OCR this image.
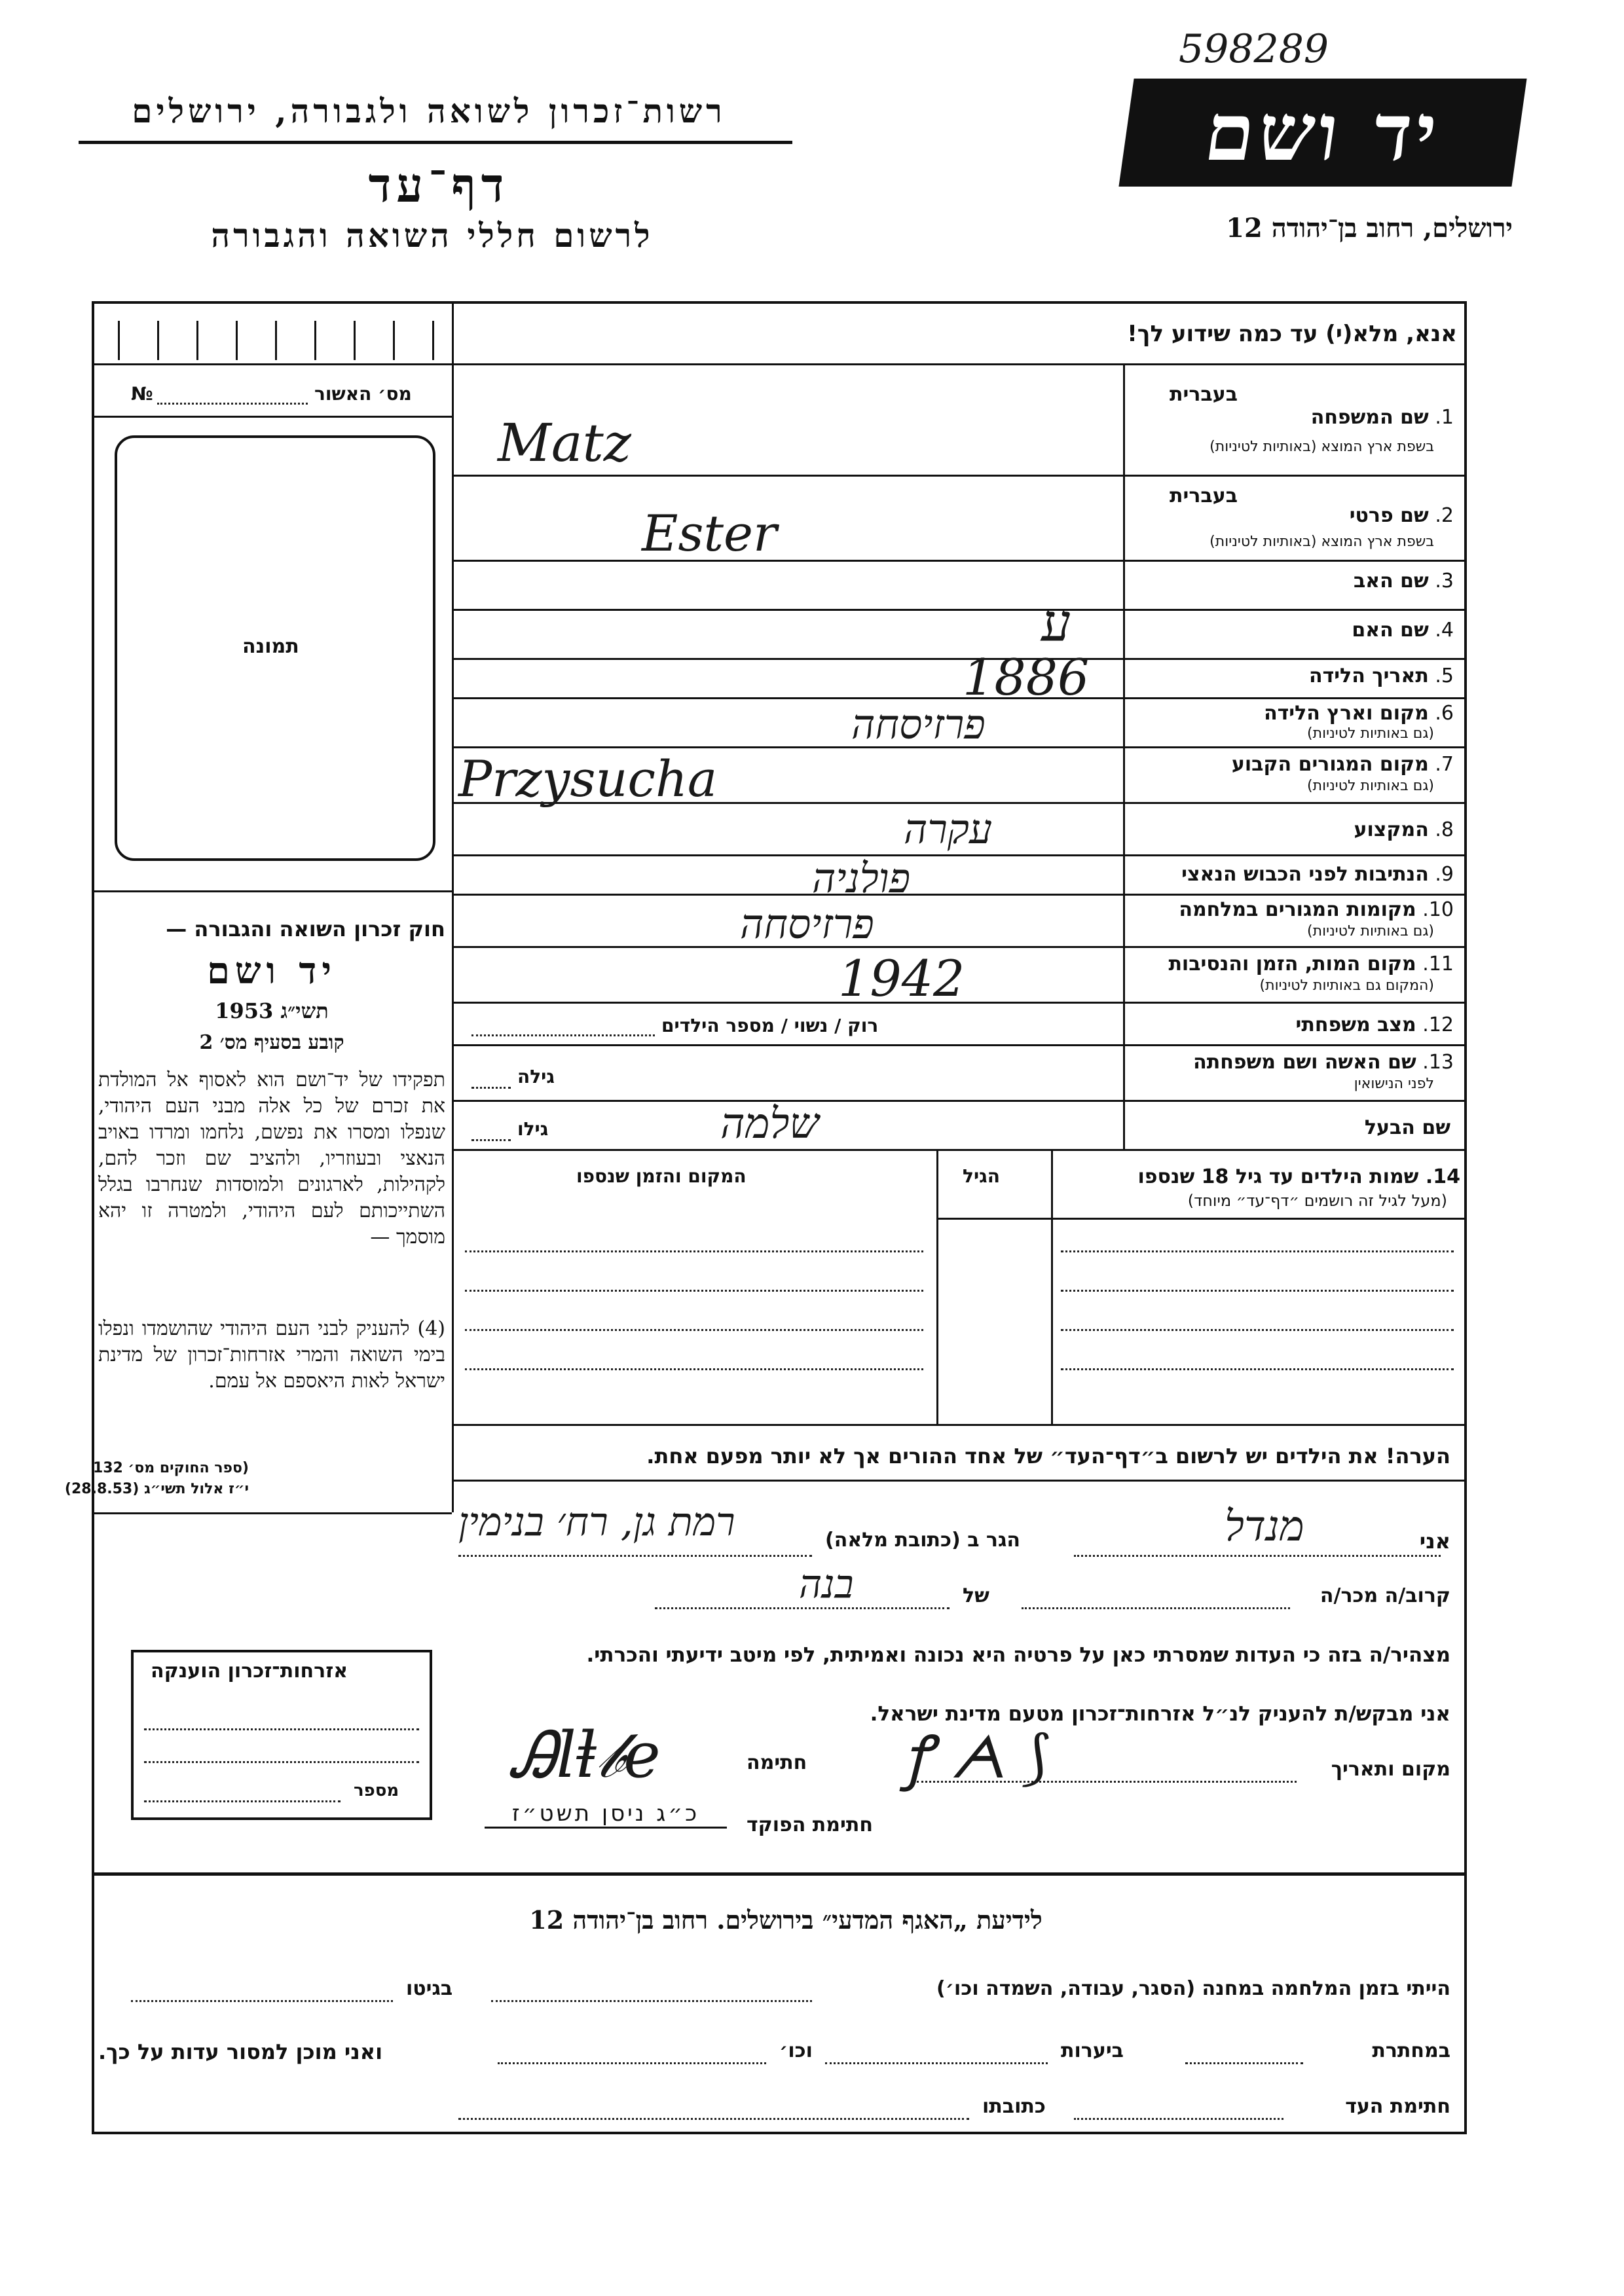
598289
רשות־זכרון לשואה ולגבורה, ירושלים
דף־עד
לרשום חללי השואה והגבורה
יד ושם
ירושלים, רחוב בן־יהודה 12
אנא, מלא(י) עד כמה שידוע לך!
מס׳ האשור
№
תמונה
בעברית
1. שם המשפחה
בשפת ארץ המוצא (באותיות לטיניות)
Matz
בעברית
2. שם פרטי
בשפת ארץ המוצא (באותיות לטיניות)
Ester
3. שם האב
4. שם האם
ע
5. תאריך הלידה
1886
6. מקום וארץ הלידה
(גם באותיות לטיניות)
פרזיסחה
7. מקום המגורים הקבוע
(גם באותיות לטיניות)
Przysucha
8. המקצוע
עקרה
9. הנתיבות לפני הכבוש הנאצי
פולניה
10. מקומות המגורים במלחמה
(גם באותיות לטיניות)
פרזיסחה
11. מקום המות, הזמן והנסיבות
(המקום גם באותיות לטיניות)
1942
12. מצב משפחתי
רוק / נשוי / מספר הילדים
13. שם האשה ושם משפחתה
לפני הנישואין
גילה
שם הבעל
שלמה
גילו
14. שמות הילדים עד גיל 18 שנספו
(מעל לגיל זה רושמים ״דף־עד״ מיוחד)
הגיל
המקום והזמן שנספו
הערה! את הילדים יש לרשום ב״דף־העד״ של אחד ההורים אך לא יותר מפעם אחת.
חוק זכרון השואה והגבורה —
יד ושם
תשי״ג 1953
קובע בסעיף מס׳ 2
תפקידו של יד־ושם הוא לאסוף אל המולדת את זכרם של כל אלה מבני העם היהודי, שנפלו ומסרו את נפשם, נלחמו ומרדו באויב הנאצי ובעוזריו, ולהציב שם וזכר להם, לקהילות, לארגונים ולמוסדות שנחרבו בגלל השתייכותם לעם היהודי, ולמטרה זו יהא מוסמך —
(4) להעניק לבני העם היהודי שהושמדו ונפלו בימי השואה והמרי אזרחות־זכרון של מדינת ישראל לאות היאספם אל עמם.
(ספר החוקים מס׳ 132
י״ז אלול תשי״ג (28.8.53)
אני
מנדל
הגר ב (כתובת מלאה)
רמת גן, רח׳ בנימין
קרוב/ה מכר/ה
של
בנה
מצהיר/ה בזה כי העדות שמסרתי כאן על פרטיה היא נכונה ואמיתית, לפי מיטב ידיעתי והכרתי.
אני מבקש/ת להעניק לנ״ל אזרחות־זכרון מטעם מדינת ישראל.
מקום ותאריך
ꝭ ᗅ ⟆
חתימה
Ꭿlⱡ𝒷𝑒
חתימת הפוקד
כ״ג ניסן תשט״ז
אזרחות־זכרון הוענקה
מספר
לידיעת „האגף המדעי״ בירושלים. רחוב בן־יהודה 12
הייתי בזמן המלחמה במחנה (הסגר, עבודה, השמדה וכו׳)
בגיטו
במחתרת
ביערות
וכו׳
ואני מוכן למסור עדות על כך.
חתימת העד
כתובתו
